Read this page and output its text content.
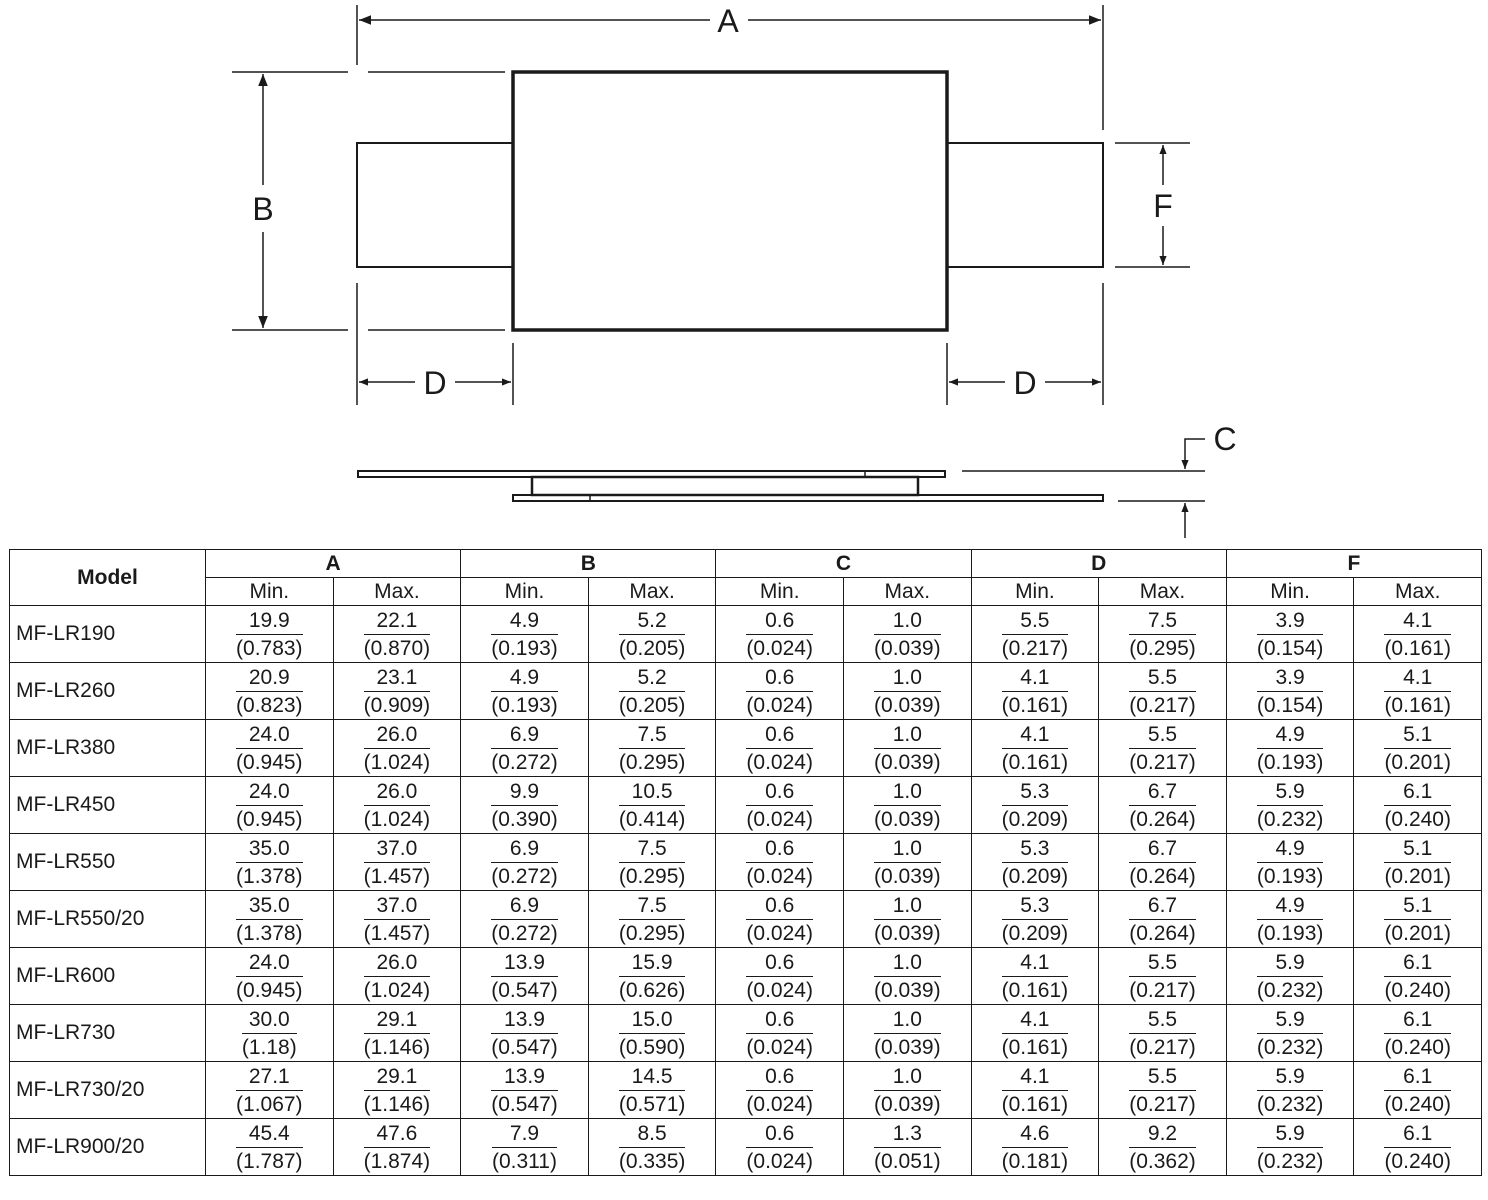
A
B	F
D	D
C
Model	A		B		C		D		F	
	Min.	Max.	Min.	Max.	Min.	Max.	Min.	Max.	Min.	Max.
MF-LR190	$\frac{19.9}{(0.783)}$	$\frac{22.1}{(0.870)}$	$\frac{4.9}{(0.193)}$	$\frac{5.2}{(0.205)}$	$\frac{0.6}{(0.024)}$	$\frac{1.0}{(0.039)}$	$\frac{5.5}{(0.217)}$	$\frac{7.5}{(0.295)}$	$\frac{3.9}{(0.154)}$	$\frac{4.1}{(0.161)}$

MF-LR260	$\frac{20.9}{(0.823)}$	$\frac{23.1}{(0.909)}$	$\frac{4.9}{(0.193)}$	$\frac{5.2}{(0.205)}$	$\frac{0.6}{(0.024)}$	$\frac{1.0}{(0.039)}$	$\frac{4.1}{(0.161)}$	$\frac{5.5}{(0.217)}$	$\frac{3.9}{(0.154)}$	$\frac{4.1}{(0.161)}$

MF-LR380	$\frac{24.0}{(0.945)}$	$\frac{26.0}{(1.024)}$	$\frac{6.9}{(0.272)}$	$\frac{7.5}{(0.295)}$	$\frac{0.6}{(0.024)}$	$\frac{1.0}{(0.039)}$	$\frac{4.1}{(0.161)}$	$\frac{5.5}{(0.217)}$	$\frac{4.9}{(0.193)}$	$\frac{5.1}{(0.201)}$

MF-LR450	$\frac{24.0}{(0.945)}$	$\frac{26.0}{(1.024)}$	$\frac{9.9}{(0.390)}$	$\frac{10.5}{(0.414)}$	$\frac{0.6}{(0.024)}$	$\frac{1.0}{(0.039)}$	$\frac{5.3}{(0.209)}$	$\frac{6.7}{(0.264)}$	$\frac{5.9}{(0.232)}$	$\frac{6.1}{(0.240)}$

MF-LR550	$\frac{35.0}{(1.378)}$	$\frac{37.0}{(1.457)}$	$\frac{6.9}{(0.272)}$	$\frac{7.5}{(0.295)}$	$\frac{0.6}{(0.024)}$	$\frac{1.0}{(0.039)}$	$\frac{5.3}{(0.209)}$	$\frac{6.7}{(0.264)}$	$\frac{4.9}{(0.193)}$	$\frac{5.1}{(0.201)}$

MF-LR550/20	$\frac{35.0}{(1.378)}$	$\frac{37.0}{(1.457)}$	$\frac{6.9}{(0.272)}$	$\frac{7.5}{(0.295)}$	$\frac{0.6}{(0.024)}$	$\frac{1.0}{(0.039)}$	$\frac{5.3}{(0.209)}$	$\frac{6.7}{(0.264)}$	$\frac{4.9}{(0.193)}$	$\frac{5.1}{(0.201)}$

MF-LR600	$\frac{24.0}{(0.945)}$	$\frac{26.0}{(1.024)}$	$\frac{13.9}{(0.547)}$	$\frac{15.9}{(0.626)}$	$\frac{0.6}{(0.024)}$	$\frac{1.0}{(0.039)}$	$\frac{4.1}{(0.161)}$	$\frac{5.5}{(0.217)}$	$\frac{5.9}{(0.232)}$	$\frac{6.1}{(0.240)}$

MF-LR730	$\frac{30.0}{(1.18)}$	$\frac{29.1}{(1.146)}$	$\frac{13.9}{(0.547)}$	$\frac{15.0}{(0.590)}$	$\frac{0.6}{(0.024)}$	$\frac{1.0}{(0.039)}$	$\frac{4.1}{(0.161)}$	$\frac{5.5}{(0.217)}$	$\frac{5.9}{(0.232)}$	$\frac{6.1}{(0.240)}$

MF-LR730/20	$\frac{27.1}{(1.067)}$	$\frac{29.1}{(1.146)}$	$\frac{13.9}{(0.547)}$	$\frac{14.5}{(0.571)}$	$\frac{0.6}{(0.024)}$	$\frac{1.0}{(0.039)}$	$\frac{4.1}{(0.161)}$	$\frac{5.5}{(0.217)}$	$\frac{5.9}{(0.232)}$	$\frac{6.1}{(0.240)}$

MF-LR900/20	$\frac{45.4}{(1.787)}$	$\frac{47.6}{(1.874)}$	$\frac{7.9}{(0.311)}$	$\frac{8.5}{(0.335)}$	$\frac{0.6}{(0.024)}$	$\frac{1.3}{(0.051)}$	$\frac{4.6}{(0.181)}$	$\frac{9.2}{(0.362)}$	$\frac{5.9}{(0.232)}$	$\frac{6.1}{(0.240)}$
